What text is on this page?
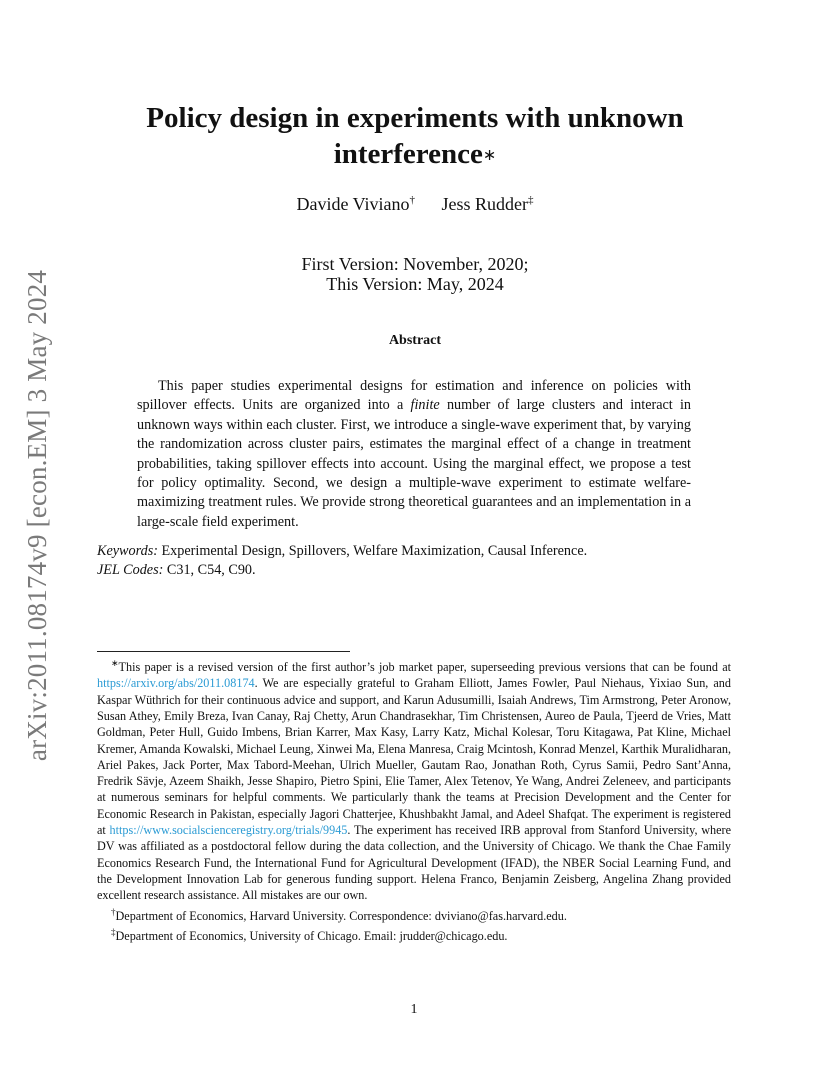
arXiv:2011.08174v9 [econ.EM] 3 May 2024
Policy design in experiments with unknown
interference∗
Davide Viviano† Jess Rudder‡
First Version: November, 2020;
This Version: May, 2024
Abstract

This paper studies experimental designs for estimation and inference on policies with spillover effects. Units are organized into a finite number of large clusters and interact in unknown ways within each cluster. First, we introduce a single-wave experiment that, by varying the randomization across cluster pairs, estimates the marginal effect of a change in treatment probabilities, taking spillover effects into account. Using the marginal effect, we propose a test for policy optimality. Second, we design a multiple-wave experiment to estimate welfare-maximizing treatment rules. We provide strong theoretical guarantees and an implementation in a large-scale field experiment.

Keywords: Experimental Design, Spillovers, Welfare Maximization, Causal Inference.
JEL Codes: C31, C54, C90.

∗This paper is a revised version of the first author’s job market paper, superseeding previous versions that can be found at https://arxiv.org/abs/2011.08174. We are especially grateful to Graham Elliott, James Fowler, Paul Niehaus, Yixiao Sun, and Kaspar Wüthrich for their continuous advice and support, and Karun Adusumilli, Isaiah Andrews, Tim Armstrong, Peter Aronow, Susan Athey, Emily Breza, Ivan Canay, Raj Chetty, Arun Chandrasekhar, Tim Christensen, Aureo de Paula, Tjeerd de Vries, Matt Goldman, Peter Hull, Guido Imbens, Brian Karrer, Max Kasy, Larry Katz, Michal Kolesar, Toru Kitagawa, Pat Kline, Michael Kremer, Amanda Kowalski, Michael Leung, Xinwei Ma, Elena Manresa, Craig Mcintosh, Konrad Menzel, Karthik Muralidharan, Ariel Pakes, Jack Porter, Max Tabord-Meehan, Ulrich Mueller, Gautam Rao, Jonathan Roth, Cyrus Samii, Pedro Sant’Anna, Fredrik Sävje, Azeem Shaikh, Jesse Shapiro, Pietro Spini, Elie Tamer, Alex Tetenov, Ye Wang, Andrei Zeleneev, and participants at numerous seminars for helpful comments. We particularly thank the teams at Precision Development and the Center for Economic Research in Pakistan, especially Jagori Chatterjee, Khushbakht Jamal, and Adeel Shafqat. The experiment is registered at https://www.socialscienceregistry.org/trials/9945. The experiment has received IRB approval from Stanford University, where DV was affiliated as a postdoctoral fellow during the data collection, and the University of Chicago. We thank the Chae Family Economics Research Fund, the International Fund for Agricultural Development (IFAD), the NBER Social Learning Fund, and the Development Innovation Lab for generous funding support. Helena Franco, Benjamin Zeisberg, Angelina Zhang provided excellent research assistance. All mistakes are our own.

†Department of Economics, Harvard University. Correspondence: dviviano@fas.harvard.edu.

‡Department of Economics, University of Chicago. Email: jrudder@chicago.edu.

1
